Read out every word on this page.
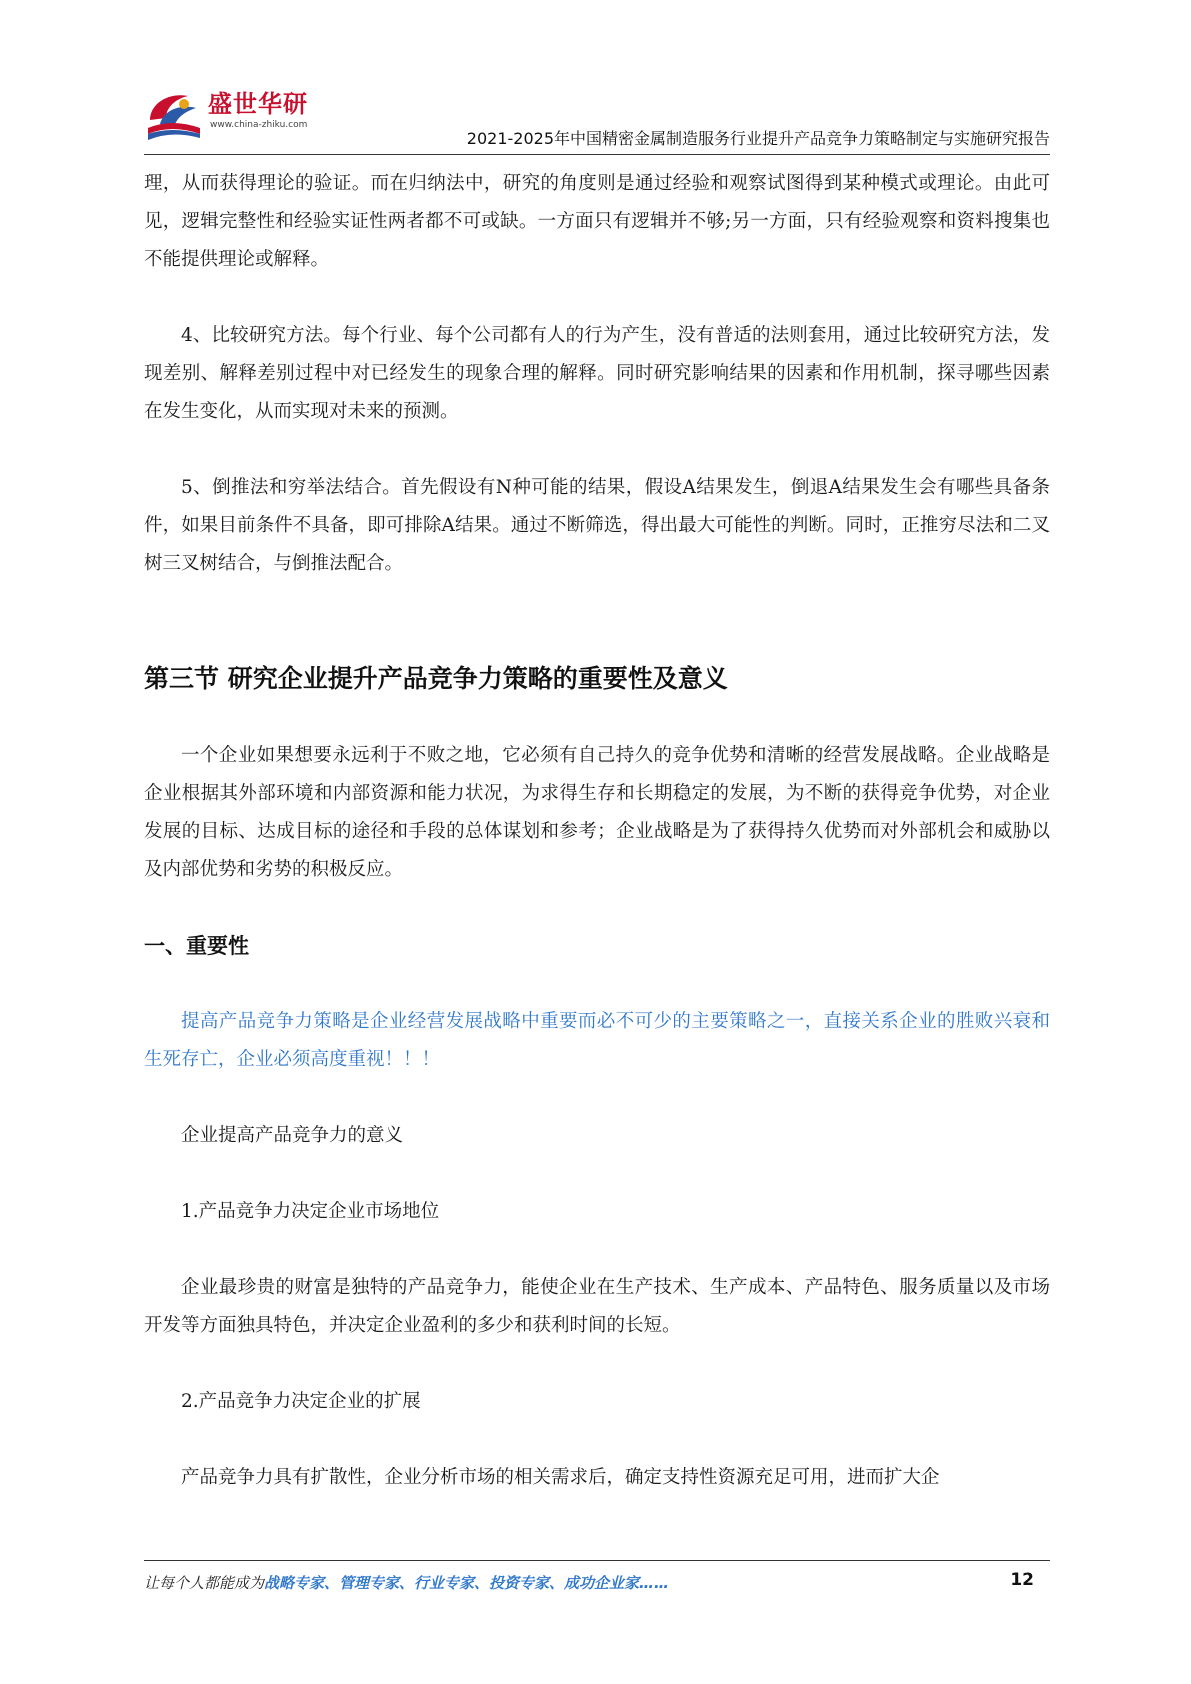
盛世华研
www.china-zhiku.com
2021-2025年中国精密金属制造服务行业提升产品竞争力策略制定与实施研究报告

理，从而获得理论的验证。而在归纳法中，研究的角度则是通过经验和观察试图得到某种模式或理论。由此可见，逻辑完整性和经验实证性两者都不可或缺。一方面只有逻辑并不够;另一方面，只有经验观察和资料搜集也不能提供理论或解释。

4、比较研究方法。每个行业、每个公司都有人的行为产生，没有普适的法则套用，通过比较研究方法，发现差别、解释差别过程中对已经发生的现象合理的解释。同时研究影响结果的因素和作用机制，探寻哪些因素在发生变化，从而实现对未来的预测。

5、倒推法和穷举法结合。首先假设有N种可能的结果，假设A结果发生，倒退A结果发生会有哪些具备条件，如果目前条件不具备，即可排除A结果。通过不断筛选，得出最大可能性的判断。同时，正推穷尽法和二叉树三叉树结合，与倒推法配合。

第三节 研究企业提升产品竞争力策略的重要性及意义

一个企业如果想要永远利于不败之地，它必须有自己持久的竞争优势和清晰的经营发展战略。企业战略是企业根据其外部环境和内部资源和能力状况，为求得生存和长期稳定的发展，为不断的获得竞争优势，对企业发展的目标、达成目标的途径和手段的总体谋划和参考；企业战略是为了获得持久优势而对外部机会和威胁以及内部优势和劣势的积极反应。

一、重要性

提高产品竞争力策略是企业经营发展战略中重要而必不可少的主要策略之一，直接关系企业的胜败兴衰和生死存亡，企业必须高度重视！！！

企业提高产品竞争力的意义

1.产品竞争力决定企业市场地位

企业最珍贵的财富是独特的产品竞争力，能使企业在生产技术、生产成本、产品特色、服务质量以及市场开发等方面独具特色，并决定企业盈利的多少和获利时间的长短。

2.产品竞争力决定企业的扩展

产品竞争力具有扩散性，企业分析市场的相关需求后，确定支持性资源充足可用，进而扩大企

让每个人都能成为战略专家、管理专家、行业专家、投资专家、成功企业家……	12
